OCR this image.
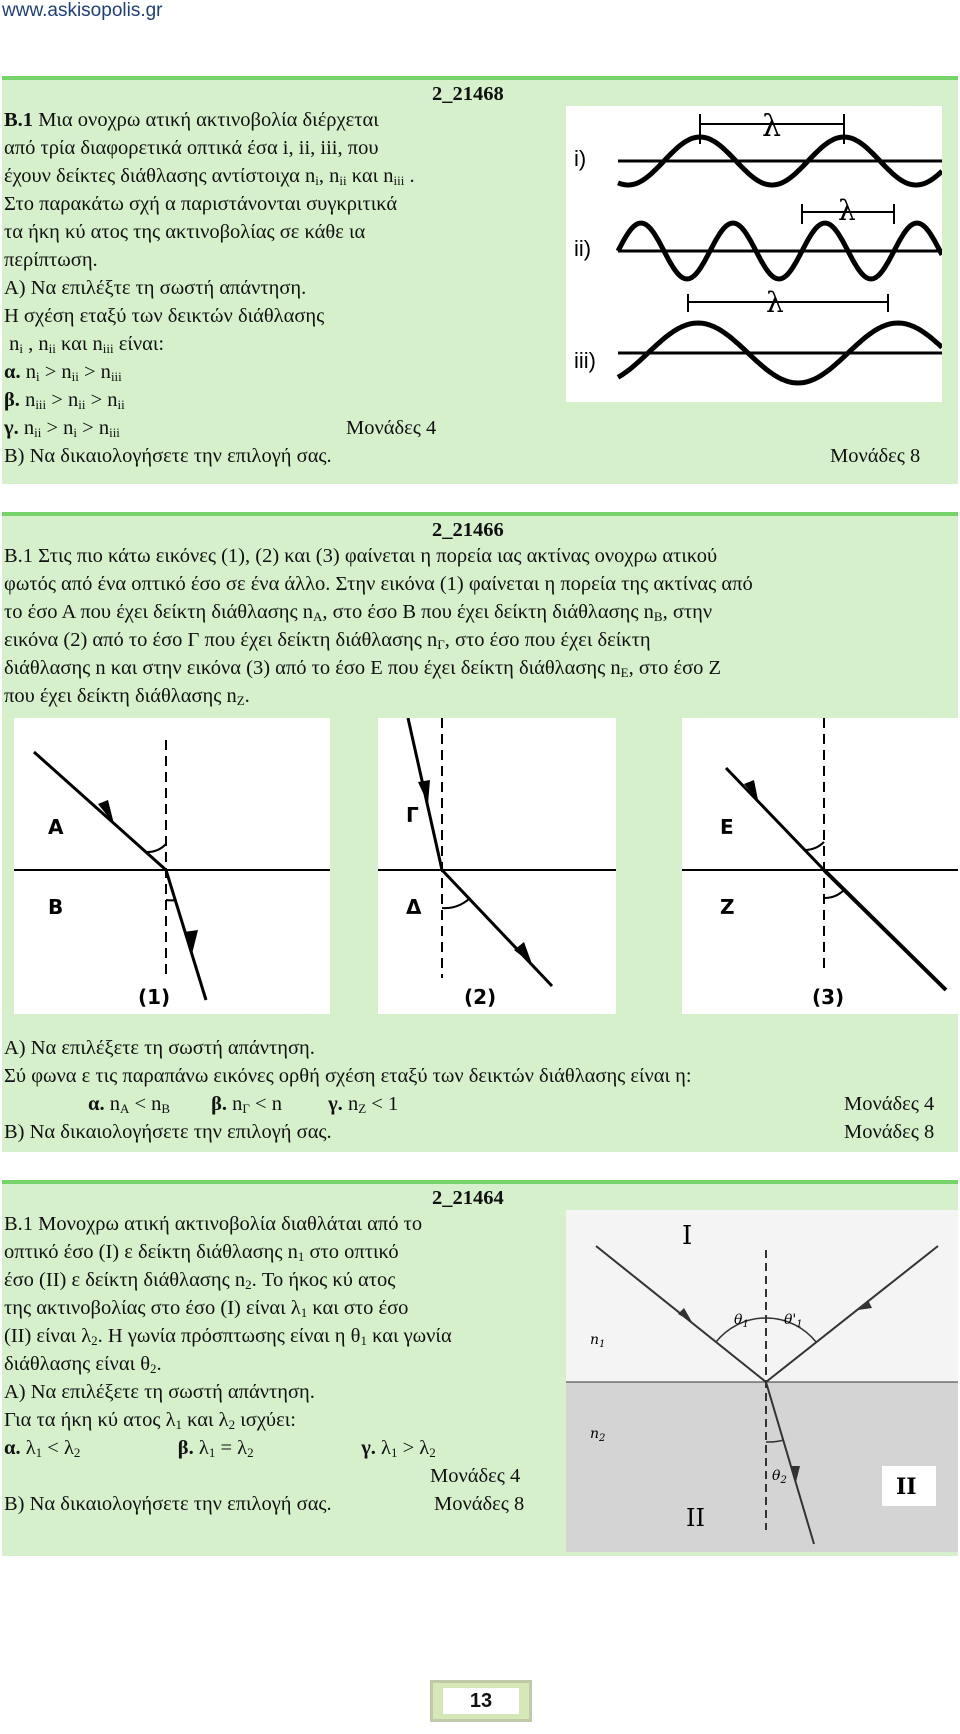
www.askisopolis.gr
2_21468
Β.1 Μια ονοχρω ατική ακτινοβολία διέρχεται
από τρία διαφορετικά οπτικά έσα i, ii, iii, που
έχουν δείκτες διάθλασης αντίστοιχα $n_i$, $n_{ii}$ και $n_{iii}$ .
Στο παρακάτω σχή α παριστάνονται συγκριτικά
τα ήκη κύ ατος της ακτινοβολίας σε κάθε ια
περίπτωση.
Α) Να επιλέξτε τη σωστή απάντηση.
Η σχέση εταξύ των δεικτών διάθλασης
$n_i$ , $n_{ii}$ και $n_{iii}$ είναι:
α. $n_i > n_{ii} > n_{iii}$
β. $n_{iii} > n_{ii} > n_{ii}$
γ. $n_{ii} > n_i > n_{iii}$	Μονάδες 4
Β) Να δικαιολογήσετε την επιλογή σας.	Μονάδες 8
i)
ii)
iii)
λ
λ
λ
2_21466
Β.1 Στις πιο κάτω εικόνες (1), (2) και (3) φαίνεται η πορεία ιας ακτίνας ονοχρω ατικού
φωτός από ένα οπτικό έσο σε ένα άλλο. Στην εικόνα (1) φαίνεται η πορεία της ακτίνας από
το έσο Α που έχει δείκτη διάθλασης $n_A$, στο έσο Β που έχει δείκτη διάθλασης $n_B$, στην
εικόνα (2) από το έσο Γ που έχει δείκτη διάθλασης $n_\Gamma$, στο έσο που έχει δείκτη
διάθλασης n και στην εικόνα (3) από το έσο Ε που έχει δείκτη διάθλασης $n_E$, στο έσο Ζ
που έχει δείκτη διάθλασης $n_Z$.
Α
Β
(1)
Γ
Δ
(2)
Ε
Ζ
(3)
Α) Να επιλέξετε τη σωστή απάντηση.
Σύ φωνα ε τις παραπάνω εικόνες ορθή σχέση εταξύ των δεικτών διάθλασης είναι η:
α. $n_A < n_B$ β. $n_\Gamma < n$         γ. $n_Z < 1$	Μονάδες 4
Β) Να δικαιολογήσετε την επιλογή σας.	Μονάδες 8
2_21464
Β.1 Μονοχρω ατική ακτινοβολία διαθλάται από το
οπτικό έσο (Ι) ε δείκτη διάθλασης $n_1$ στο οπτικό
έσο (ΙΙ) ε δείκτη διάθλασης $n_2$. Το ήκος κύ ατος
της ακτινοβολίας στο έσο (Ι) είναι $\lambda_1$ και στο έσο
(ΙΙ) είναι $\lambda_2$. Η γωνία πρόσπτωσης είναι η $\theta_1$ και γωνία
διάθλασης είναι $\theta_2$.
Α) Να επιλέξετε τη σωστή απάντηση.
Για τα ήκη κύ ατος $\lambda_1$ και $\lambda_2$ ισχύει:
α. $\lambda_1 < \lambda_2$	β. $\lambda_1 = \lambda_2$	γ. $\lambda_1 > \lambda_2$
Μονάδες 4
Β) Να δικαιολογήσετε την επιλογή σας.	Μονάδες 8
Ι
ΙΙ
ΙΙ
$n_1$
$n_2$
$\theta_1$	$\theta'_1$
$\theta_2$
13
